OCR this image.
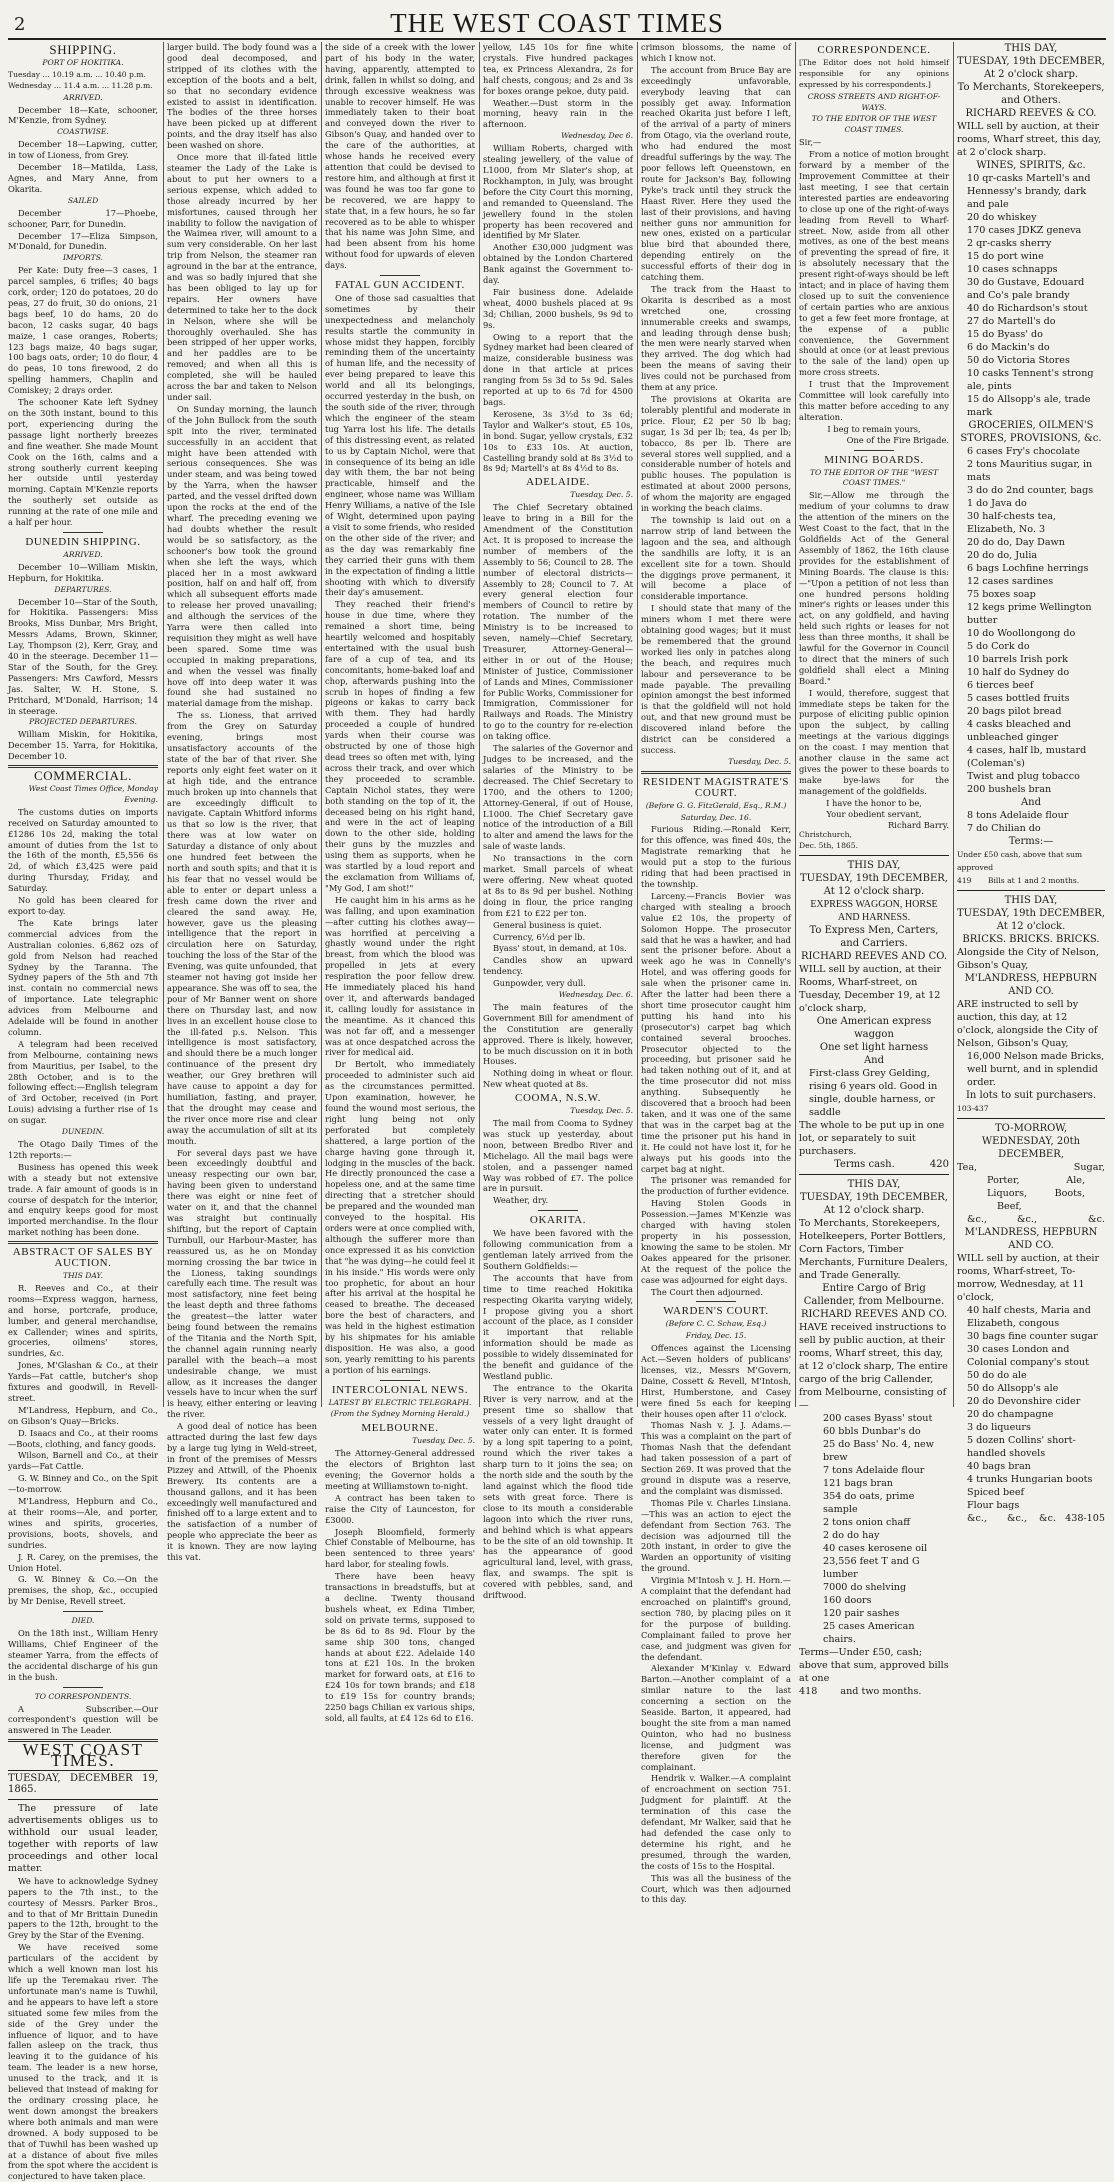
2	THE WEST COAST TIMES
SHIPPING.
PORT OF HOKITIKA.
Tuesday ... 10.19 a.m. ... 10.40 p.m.
Wednesday ... 11.4 a.m. ... 11.28 p.m.
ARRIVED.

December 18—Kate, schooner, M'Kenzie, from Sydney.

COASTWISE.

December 18—Lapwing, cutter, in tow of Lioness, from Grey.

December 18—Matilda, Lass, Agnes, and Mary Anne, from Okarita.

SAILED

December 17—Phoebe, schooner, Parr, for Dunedin.

December 17—Eliza Simpson, M'Donald, for Dunedin.

IMPORTS.

Per Kate: Duty free—3 cases, 1 parcel samples, 6 trifles; 40 bags cork, order; 120 do potatoes, 20 do peas, 27 do fruit, 30 do onions, 21 bags beef, 10 do hams, 20 do bacon, 12 casks sugar, 40 bags maize, 1 case oranges, Roberts; 123 bags maize, 40 bags sugar, 100 bags oats, order; 10 do flour, 4 do peas, 10 tons firewood, 2 do spelling hammers, Chaplin and Comiskey; 2 drays order.

The schooner Kate left Sydney on the 30th instant, bound to this port, experiencing during the passage light northerly breezes and fine weather. She made Mount Cook on the 16th, calms and a strong southerly current keeping her outside until yesterday morning. Captain M'Kenzie reports the southerly set outside as running at the rate of one mile and a half per hour.

DUNEDIN SHIPPING.
ARRIVED.

December 10—William Miskin, Hepburn, for Hokitika.

DEPARTURES.

December 10—Star of the South, for Hokitika. Passengers: Miss Brooks, Miss Dunbar, Mrs Bright, Messrs Adams, Brown, Skinner, Lay, Thompson (2), Kerr, Gray, and 40 in the steerage. December 11—Star of the South, for the Grey. Passengers: Mrs Cawford, Messrs Jas. Salter, W. H. Stone, S. Pritchard, M'Donald, Harrison; 14 in steerage.

PROJECTED DEPARTURES.

William Miskin, for Hokitika, December 15. Yarra, for Hokitika, December 10.

COMMERCIAL.
West Coast Times Office, Monday Evening.

The customs duties on imports received on Saturday amounted to £1286 10s 2d, making the total amount of duties from the 1st to the 16th of the month, £5,556 6s 2d, of which £3,425 were paid during Thursday, Friday, and Saturday.

No gold has been cleared for export to-day.

The Kate brings later commercial advices from the Australian colonies. 6,862 ozs of gold from Nelson had reached Sydney by the Taranna. The Sydney papers of the 5th and 7th inst. contain no commercial news of importance. Late telegraphic advices from Melbourne and Adelaide will be found in another column.

A telegram had been received from Melbourne, containing news from Mauritius, per Isabel, to the 28th October, and is to the following effect:—English telegram of 3rd October, received (in Port Louis) advising a further rise of 1s on sugar.

DUNEDIN.

The Otago Daily Times of the 12th reports:—

Business has opened this week with a steady but not extensive trade. A fair amount of goods is in course of despatch for the interior, and enquiry keeps good for most imported merchandise. In the flour market nothing has been done.

ABSTRACT OF SALES BY AUCTION.
THIS DAY.

R. Reeves and Co., at their rooms—Express waggon, harness, and horse, portcrafe, produce, lumber, and general merchandise, ex Callender; wines and spirits, groceries, oilmens' stores, sundries, &c.

Jones, M'Glashan & Co., at their Yards—Fat cattle, butcher's shop fixtures and goodwill, in Revell-street.

M'Landress, Hepburn, and Co., on Gibson's Quay—Bricks.

D. Isaacs and Co., at their rooms—Boots, clothing, and fancy goods.

Wilson, Barnell and Co., at their yards—Fat Cattle.

G. W. Binney and Co., on the Spit—to-morrow.

M'Landress, Hepburn and Co., at their rooms—Ale, and porter, wines and spirits, groceries, provisions, boots, shovels, and sundries.

J. R. Carey, on the premises, the Union Hotel.

G. W. Binney & Co.—On the premises, the shop, &c., occupied by Mr Denise, Revell street.

DIED.

On the 18th inst., William Henry Williams, Chief Engineer of the steamer Yarra, from the effects of the accidental discharge of his gun in the bush.

TO CORRESPONDENTS.

A Subscriber.—Our correspondent's question will be answered in The Leader.

WEST COAST TIMES.
TUESDAY, DECEMBER 19, 1865.

The pressure of late advertisements obliges us to withhold our usual leader, together with reports of law proceedings and other local matter.

We have to acknowledge Sydney papers to the 7th inst., to the courtesy of Messrs. Parker Bros., and to that of Mr Brittain Dunedin papers to the 12th, brought to the Grey by the Star of the Evening.

We have received some particulars of the accident by which a well known man lost his life up the Teremakau river. The unfortunate man's name is Tuwhil, and he appears to have left a store situated some few miles from the side of the Grey under the influence of liquor, and to have fallen asleep on the track, thus leaving it to the guidance of his team. The leader is a new horse, unused to the track, and it is believed that instead of making for the ordinary crossing place, he went down amongst the breakers where both animals and man were drowned. A body supposed to be that of Tuwhil has been washed up at a distance of about five miles from the spot where the accident is conjectured to have taken place.

larger build. The body found was a good deal decomposed, and stripped of its clothes with the exception of the boots and a belt, so that no secondary evidence existed to assist in identification. The bodies of the three horses have been picked up at different points, and the dray itself has also been washed on shore.

Once more that ill-fated little steamer the Lady of the Lake is about to put her owners to a serious expense, which added to those already incurred by her misfortunes, caused through her inability to follow the navigation of the Waimea river, will amount to a sum very considerable. On her last trip from Nelson, the steamer ran aground in the bar at the entrance, and was so badly injured that she has been obliged to lay up for repairs. Her owners have determined to take her to the dock in Nelson, where she will be thoroughly overhauled. She has been stripped of her upper works, and her paddles are to be removed; and when all this is completed, she will be hauled across the bar and taken to Nelson under sail.

On Sunday morning, the launch of the John Bullock from the south spit into the river, terminated successfully in an accident that might have been attended with serious consequences. She was under steam, and was being towed by the Yarra, when the hawser parted, and the vessel drifted down upon the rocks at the end of the wharf. The preceding evening we had doubts whether the result would be so satisfactory, as the schooner's bow took the ground when she left the ways, which placed her in a most awkward position, half on and half off, from which all subsequent efforts made to release her proved unavailing; and although the services of the Yarra were then called into requisition they might as well have been spared. Some time was occupied in making preparations, and when the vessel was finally hove off into deep water it was found she had sustained no material damage from the mishap.

The ss. Lioness, that arrived from the Grey on Saturday evening, brings most unsatisfactory accounts of the state of the bar of that river. She reports only eight feet water on it at high tide, and the entrance much broken up into channels that are exceedingly difficult to navigate. Captain Whitford informs us that so low is the river, that there was at low water on Saturday a distance of only about one hundred feet between the north and south spits; and that it is his fear that no vessel would be able to enter or depart unless a fresh came down the river and cleared the sand away. He, however, gave us the pleasing intelligence that the report in circulation here on Saturday, touching the loss of the Star of the Evening, was quite unfounded, that steamer not having got inside her appearance. She was off to sea, the pour of Mr Banner went on shore there on Thursday last, and now lives in an excellent house close to the ill-fated p.s. Nelson. This intelligence is most satisfactory, and should there be a much longer continuance of the present dry weather, our Grey brethren will have cause to appoint a day for humiliation, fasting, and prayer, that the drought may cease and the river once more rise and clear away the accumulation of silt at its mouth.

For several days past we have been exceedingly doubtful and uneasy respecting our own bar, having been given to understand there was eight or nine feet of water on it, and that the channel was straight but continually shifting, but the report of Captain Turnbull, our Harbour-Master, has reassured us, as he on Monday morning crossing the bar twice in the Lioness, taking soundings carefully each time. The result was most satisfactory, nine feet being the least depth and three fathoms the greatest—the latter water being found between the remains of the Titania and the North Spit, the channel again running nearly parallel with the beach—a most undesirable change, we must allow, as it increases the danger vessels have to incur when the surf is heavy, either entering or leaving the river.

A good deal of notice has been attracted during the last few days by a large tug lying in Weld-street, in front of the premises of Messrs Pizzey and Attwill, of the Phoenix Brewery. Its contents are a thousand gallons, and it has been exceedingly well manufactured and finished off to a large extent and to the satisfaction of a number of people who appreciate the beer as it is known. They are now laying this vat.

the side of a creek with the lower part of his body in the water, having, apparently, attempted to drink, fallen in whilst so doing, and through excessive weakness was unable to recover himself. He was immediately taken to their boat and conveyed down the river to Gibson's Quay, and handed over to the care of the authorities, at whose hands he received every attention that could be devised to restore him, and although at first it was found he was too far gone to be recovered, we are happy to state that, in a few hours, he so far recovered as to be able to whisper that his name was John Sime, and had been absent from his home without food for upwards of eleven days.

FATAL GUN ACCIDENT.

One of those sad casualties that sometimes by their unexpectedness and melancholy results startle the community in whose midst they happen, forcibly reminding them of the uncertainty of human life, and the necessity of ever being prepared to leave this world and all its belongings, occurred yesterday in the bush, on the south side of the river, through which the engineer of the steam tug Yarra lost his life. The details of this distressing event, as related to us by Captain Nichol, were that in consequence of its being an idle day with them, the bar not being practicable, himself and the engineer, whose name was William Henry Williams, a native of the Isle of Wight, determined upon paying a visit to some friends, who resided on the other side of the river; and as the day was remarkably fine they carried their guns with them in the expectation of finding a little shooting with which to diversify their day's amusement.

They reached their friend's house in due time, where they remained a short time, being heartily welcomed and hospitably entertained with the usual bush fare of a cup of tea, and its concomitants, home-baked loaf and chop, afterwards pushing into the scrub in hopes of finding a few pigeons or kakas to carry back with them. They had hardly proceeded a couple of hundred yards when their course was obstructed by one of those high dead trees so often met with, lying across their track, and over which they proceeded to scramble. Captain Nichol states, they were both standing on the top of it, the deceased being on his right hand, and were in the act of leaping down to the other side, holding their guns by the muzzles and using them as supports, when he was startled by a loud report and the exclamation from Williams of, "My God, I am shot!"

He caught him in his arms as he was falling, and upon examination—after cutting his clothes away—was horrified at perceiving a ghastly wound under the right breast, from which the blood was propelled in jets at every respiration the poor fellow drew. He immediately placed his hand over it, and afterwards bandaged it, calling loudly for assistance in the meantime. As it chanced this was not far off, and a messenger was at once despatched across the river for medical aid.

Dr Bertolt, who immediately proceeded to administer such aid as the circumstances permitted. Upon examination, however, he found the wound most serious, the right lung being not only perforated but completely shattered, a large portion of the charge having gone through it, lodging in the muscles of the back. He directly pronounced the case a hopeless one, and at the same time directing that a stretcher should be prepared and the wounded man conveyed to the hospital. His orders were at once complied with, although the sufferer more than once expressed it as his conviction that "he was dying—he could feel it in his inside." His words were only too prophetic, for about an hour after his arrival at the hospital he ceased to breathe. The deceased bore the best of characters, and was held in the highest estimation by his shipmates for his amiable disposition. He was also, a good son, yearly remitting to his parents a portion of his earnings.

INTERCOLONIAL NEWS.
LATEST BY ELECTRIC TELEGRAPH.
(From the Sydney Morning Herald.)
MELBOURNE.
Tuesday, Dec. 5.

The Attorney-General addressed the electors of Brighton last evening; the Governor holds a meeting at Williamstown to-night.

A contract has been taken to raise the City of Launceston, for £3000.

Joseph Bloomfield, formerly Chief Constable of Melbourne, has been sentenced to three years' hard labor, for stealing fowls.

There have been heavy transactions in breadstuffs, but at a decline. Twenty thousand bushels wheat, ex Edina Timber, sold on private terms, supposed to be 8s 6d to 8s 9d. Flour by the same ship 300 tons, changed hands at about £22. Adelaide 140 tons at £21 10s. In the broken market for forward oats, at £16 to £24 10s for town brands; and £18 to £19 15s for country brands; 2250 bags Chilian ex various ships, sold, all faults, at £4 12s 6d to £16.

yellow, L45 10s for fine white crystals. Five hundred packages tea, ex Princess Alexandra, 2s for half chests, congous; and 2s and 3s for boxes orange pekoe, duty paid.

Weather.—Dust storm in the morning, heavy rain in the afternoon.

Wednesday, Dec 6.

William Roberts, charged with stealing jewellery, of the value of L1000, from Mr Slater's shop, at Rockhampton, in July, was brought before the City Court this morning, and remanded to Queensland. The jewellery found in the stolen property has been recovered and identified by Mr Slater.

Another £30,000 judgment was obtained by the London Chartered Bank against the Government to-day.

Fair business done. Adelaide wheat, 4000 bushels placed at 9s 3d; Chilian, 2000 bushels, 9s 9d to 9s.

Owing to a report that the Sydney market had been cleared of maize, considerable business was done in that article at prices ranging from 5s 3d to 5s 9d. Sales reported at up to 6s 7d for 4500 bags.

Kerosene, 3s 3½d to 3s 6d; Taylor and Walker's stout, £5 10s, in bond. Sugar, yellow crystals, £32 10s to £33 10s. At auction, Castelling brandy sold at 8s 3½d to 8s 9d; Martell's at 8s 4½d to 8s.

ADELAIDE.
Tuesday, Dec. 5.

The Chief Secretary obtained leave to bring in a Bill for the Amendment of the Constitution Act. It is proposed to increase the number of members of the Assembly to 56; Council to 28. The number of electoral districts—Assembly to 28; Council to 7. At every general election four members of Council to retire by rotation. The number of the Ministry is to be increased to seven, namely—Chief Secretary, Treasurer, Attorney-General—either in or out of the House; Minister of Justice, Commissioner of Lands and Mines, Commissioner for Public Works, Commissioner for Immigration, Commissioner for Railways and Roads. The Ministry to go to the country for re-election on taking office.

The salaries of the Governor and Judges to be increased, and the salaries of the Ministry to be decreased. The Chief Secretary to 1700, and the others to 1200; Attorney-General, if out of House, L1000. The Chief Secretary gave notice of the introduction of a Bill to alter and amend the laws for the sale of waste lands.

No transactions in the corn market. Small parcels of wheat were offering. New wheat quoted at 8s to 8s 9d per bushel. Nothing doing in flour, the price ranging from £21 to £22 per ton.

General business is quiet.

Currency, 6½d per lb.

Byass' stout, in demand, at 10s.

Candles show an upward tendency.

Gunpowder, very dull.

Wednesday, Dec. 6.

The main features of the Government Bill for amendment of the Constitution are generally approved. There is likely, however, to be much discussion on it in both Houses.

Nothing doing in wheat or flour. New wheat quoted at 8s.

COOMA, N.S.W.
Tuesday, Dec. 5.

The mail from Cooma to Sydney was stuck up yesterday, about noon, between Bredbo River and Michelago. All the mail bags were stolen, and a passenger named Way was robbed of £7. The police are in pursuit.

Weather, dry.

OKARITA.

We have been favored with the following communication from a gentleman lately arrived from the Southern Goldfields:—

The accounts that have from time to time reached Hokitika respecting Okarita varying widely, I propose giving you a short account of the place, as I consider it important that reliable information should be made as possible to widely disseminated for the benefit and guidance of the Westland public.

The entrance to the Okarita River is very narrow, and at the present time so shallow that vessels of a very light draught of water only can enter. It is formed by a long spit tapering to a point, round which the river takes a sharp turn to it joins the sea; on the north side and the south by the land against which the flood tide sets with great force. There is close to its mouth a considerable lagoon into which the river runs, and behind which is what appears to be the site of an old township. It has the appearance of good agricultural land, level, with grass, flax, and swamps. The spit is covered with pebbles, sand, and driftwood.

crimson blossoms, the name of which I know not.

The account from Bruce Bay are exceedingly unfavorable, everybody leaving that can possibly get away. Information reached Okarita just before I left, of the arrival of a party of miners from Otago, via the overland route, who had endured the most dreadful sufferings by the way. The poor fellows left Queenstown, en route for Jackson's Bay, following Pyke's track until they struck the Haast River. Here they used the last of their provisions, and having neither guns nor ammunition for new ones, existed on a particular blue bird that abounded there, depending entirely on the successful efforts of their dog in catching them.

The track from the Haast to Okarita is described as a most wretched one, crossing innumerable creeks and swamps, and leading through dense bush; the men were nearly starved when they arrived. The dog which had been the means of saving their lives could not be purchased from them at any price.

The provisions at Okarita are tolerably plentiful and moderate in price. Flour, £2 per 50 lb bag; sugar, 1s 3d per lb; tea, 4s per lb; tobacco, 8s per lb. There are several stores well supplied, and a considerable number of hotels and public houses. The population is estimated at about 2000 persons, of whom the majority are engaged in working the beach claims.

The township is laid out on a narrow strip of land between the lagoon and the sea, and although the sandhills are lofty, it is an excellent site for a town. Should the diggings prove permanent, it will become a place of considerable importance.

I should state that many of the miners whom I met there were obtaining good wages; but it must be remembered that the ground worked lies only in patches along the beach, and requires much labour and perseverance to be made payable. The prevailing opinion amongst the best informed is that the goldfield will not hold out, and that new ground must be discovered inland before the district can be considered a success.

Tuesday, Dec. 5.
RESIDENT MAGISTRATE'S COURT.
(Before G. G. FitzGerald, Esq., R.M.)
Saturday, Dec. 16.

Furious Riding.—Ronald Kerr, for this offence, was fined 40s, the Magistrate remarking that he would put a stop to the furious riding that had been practised in the township.

Larceny.—Francis Bovier was charged with stealing a brooch value £2 10s, the property of Solomon Hoppe. The prosecutor said that he was a hawker, and had sent the prisoner before. About a week ago he was in Connelly's Hotel, and was offering goods for sale when the prisoner came in. After the latter had been there a short time prosecutor caught him putting his hand into his (prosecutor's) carpet bag which contained several brooches. Prosecutor objected to the proceeding, but prisoner said he had taken nothing out of it, and at the time prosecutor did not miss anything. Subsequently he discovered that a brooch had been taken, and it was one of the same that was in the carpet bag at the time the prisoner put his hand in it. He could not have lost it, for he always put his goods into the carpet bag at night.

The prisoner was remanded for the production of further evidence.

Having Stolen Goods in Possession.—James M'Kenzie was charged with having stolen property in his possession, knowing the same to be stolen. Mr Oakes appeared for the prisoner. At the request of the police the case was adjourned for eight days.

The Court then adjourned.

WARDEN'S COURT.
(Before C. C. Schaw, Esq.)
Friday, Dec. 15.

Offences against the Licensing Act.—Seven holders of publicans' licenses, viz., Messrs M'Govern, Daine, Cossett & Revell, M'Intosh, Hirst, Humberstone, and Casey were fined 5s each for keeping their houses open after 11 o'clock.

Thomas Nash v. J. J. Adams.—This was a complaint on the part of Thomas Nash that the defendant had taken possession of a part of Section 269. It was proved that the ground in dispute was a reserve, and the complaint was dismissed.

Thomas Pile v. Charles Linsiana.—This was an action to eject the defendant from Section 763. The decision was adjourned till the 20th instant, in order to give the Warden an opportunity of visiting the ground.

Virginia M'Intosh v. J. H. Horn.—A complaint that the defendant had encroached on plaintiff's ground, section 780, by placing piles on it for the purpose of building. Complainant failed to prove her case, and judgment was given for the defendant.

Alexander M'Kinlay v. Edward Barton.—Another complaint of a similar nature to the last concerning a section on the Seaside. Barton, it appeared, had bought the site from a man named Quinton, who had no business license, and judgment was therefore given for the complainant.

Hendrik v. Walker.—A complaint of encroachment on section 751. Judgment for plaintiff. At the termination of this case the defendant, Mr Walker, said that he had defended the case only to determine his right, and he presumed, through the warden, the costs of 15s to the Hospital.

This was all the business of the Court, which was then adjourned to this day.

CORRESPONDENCE.

[The Editor does not hold himself responsible for any opinions expressed by his correspondents.]

CROSS STREETS AND RIGHT-OF-WAYS.
TO THE EDITOR OF THE WEST COAST TIMES.

Sir,—

From a notice of motion brought forward by a member of the Improvement Committee at their last meeting, I see that certain interested parties are endeavoring to close up one of the right-of-ways leading from Revell to Wharf-street. Now, aside from all other motives, as one of the best means of preventing the spread of fire, it is absolutely necessary that the present right-of-ways should be left intact; and in place of having them closed up to suit the convenience of certain parties who are anxious to get a few feet more frontage, at the expense of a public convenience, the Government should at once (or at least previous to the sale of the land) open up more cross streets.

I trust that the Improvement Committee will look carefully into this matter before acceding to any alteration.

I beg to remain yours,
One of the Fire Brigade.
MINING BOARDS.
TO THE EDITOR OF THE "WEST COAST TIMES."

Sir,—Allow me through the medium of your columns to draw the attention of the miners on the West Coast to the fact, that in the Goldfields Act of the General Assembly of 1862, the 16th clause provides for the establishment of Mining Boards. The clause is this:—"Upon a petition of not less than one hundred persons holding miner's rights or leases under this act, on any goldfield, and having held such rights or leases for not less than three months, it shall be lawful for the Governor in Council to direct that the miners of such goldfield shall elect a Mining Board."

I would, therefore, suggest that immediate steps be taken for the purpose of eliciting public opinion upon the subject, by calling meetings at the various diggings on the coast. I may mention that another clause in the same act gives the power to these boards to make bye-laws for the management of the goldfields.

I have the honor to be,
Your obedient servant,
Richard Barry.
Christchurch,
Dec. 5th, 1865.
THIS DAY,
TUESDAY, 19th DECEMBER,
At 12 o'clock sharp.
EXPRESS WAGGON, HORSE AND HARNESS.
To Express Men, Carters, and Carriers.
RICHARD REEVES AND CO.
WILL sell by auction, at their Rooms, Wharf-street, on Tuesday, December 19, at 12 o'clock sharp,
One American express waggon
One set light harness
And
First-class Grey Gelding, rising 6 years old. Good in single, double harness, or saddle
The whole to be put up in one lot, or separately to suit purchasers.
Terms cash.	420
THIS DAY,
TUESDAY, 19th DECEMBER,
At 12 o'clock sharp.
To Merchants, Storekeepers, Hotelkeepers, Porter Bottlers, Corn Factors, Timber Merchants, Furniture Dealers, and Trade Generally.
Entire Cargo of Brig Callender, from Melbourne.
RICHARD REEVES AND CO.
HAVE received instructions to sell by public auction, at their rooms, Wharf street, this day, at 12 o'clock sharp, The entire cargo of the brig Callender, from Melbourne, consisting of—
200 cases Byass' stout
60 bbls Dunbar's do
25 do Bass' No. 4, new brew
7 tons Adelaide flour
121 bags bran
354 do oats, prime sample
2 tons onion chaff
2 do do hay
40 cases kerosene oil
23,556 feet T and G lumber
7000 do shelving
160 doors
120 pair sashes
25 cases American chairs.
Terms—Under £50, cash; above that sum, approved bills at one
418 and two months.
THIS DAY,
TUESDAY, 19th DECEMBER,
At 2 o'clock sharp.
To Merchants, Storekeepers, and Others.
RICHARD REEVES & CO.
WILL sell by auction, at their rooms, Wharf street, this day, at 2 o'clock sharp.
WINES, SPIRITS, &c.
10 qr-casks Martell's and Hennessy's brandy, dark and pale
20 do whiskey
170 cases JDKZ geneva
2 qr-casks sherry
15 do port wine
10 cases schnapps
30 do Gustave, Edouard and Co's pale brandy
40 do Richardson's stout
27 do Martell's do
15 do Byass' do
6 do Mackin's do
50 do Victoria Stores
10 casks Tennent's strong ale, pints
15 do Allsopp's ale, trade mark
GROCERIES, OILMEN'S STORES, PROVISIONS, &c.
6 cases Fry's chocolate
2 tons Mauritius sugar, in mats
3 do do 2nd counter, bags
1 do Java do
30 half-chests tea, Elizabeth, No. 3
20 do do, Day Dawn
20 do do, Julia
6 bags Lochfine herrings
12 cases sardines
75 boxes soap
12 kegs prime Wellington butter
10 do Woollongong do
5 do Cork do
10 barrels Irish pork
10 half do Sydney do
6 tierces beef
5 cases bottled fruits
20 bags pilot bread
4 casks bleached and unbleached ginger
4 cases, half lb, mustard (Coleman's)
Twist and plug tobacco
200 bushels bran
And
8 tons Adelaide flour
7 do Chilian do
Terms:—
Under £50 cash, above that sum approved
419 Bills at 1 and 2 months.
THIS DAY,
TUESDAY, 19th DECEMBER,
At 12 o'clock.
BRICKS. BRICKS. BRICKS.
Alongside the City of Nelson, Gibson's Quay,
M'LANDRESS, HEPBURN AND CO.
ARE instructed to sell by auction, this day, at 12 o'clock, alongside the City of Nelson, Gibson's Quay,
16,000 Nelson made Bricks, well burnt, and in splendid order.
In lots to suit purchasers.
103-437
TO-MORROW,
WEDNESDAY, 20th DECEMBER,
Tea,	Sugar,
Porter,	Ale,
Liquors,	Boots,
Beef,
&c.,	&c.,	&c.
M'LANDRESS, HEPBURN AND CO.
WILL sell by auction, at their rooms, Wharf-street, To-morrow, Wednesday, at 11 o'clock,
40 half chests, Maria and Elizabeth, congous
30 bags fine counter sugar
30 cases London and Colonial company's stout
50 do do ale
50 do Allsopp's ale
20 do Devonshire cider
20 do champagne
3 do liqueurs
5 dozen Collins' short-handled shovels
40 bags bran
4 trunks Hungarian boots
Spiced beef
Flour bags
&c., &c., &c. 438-105
